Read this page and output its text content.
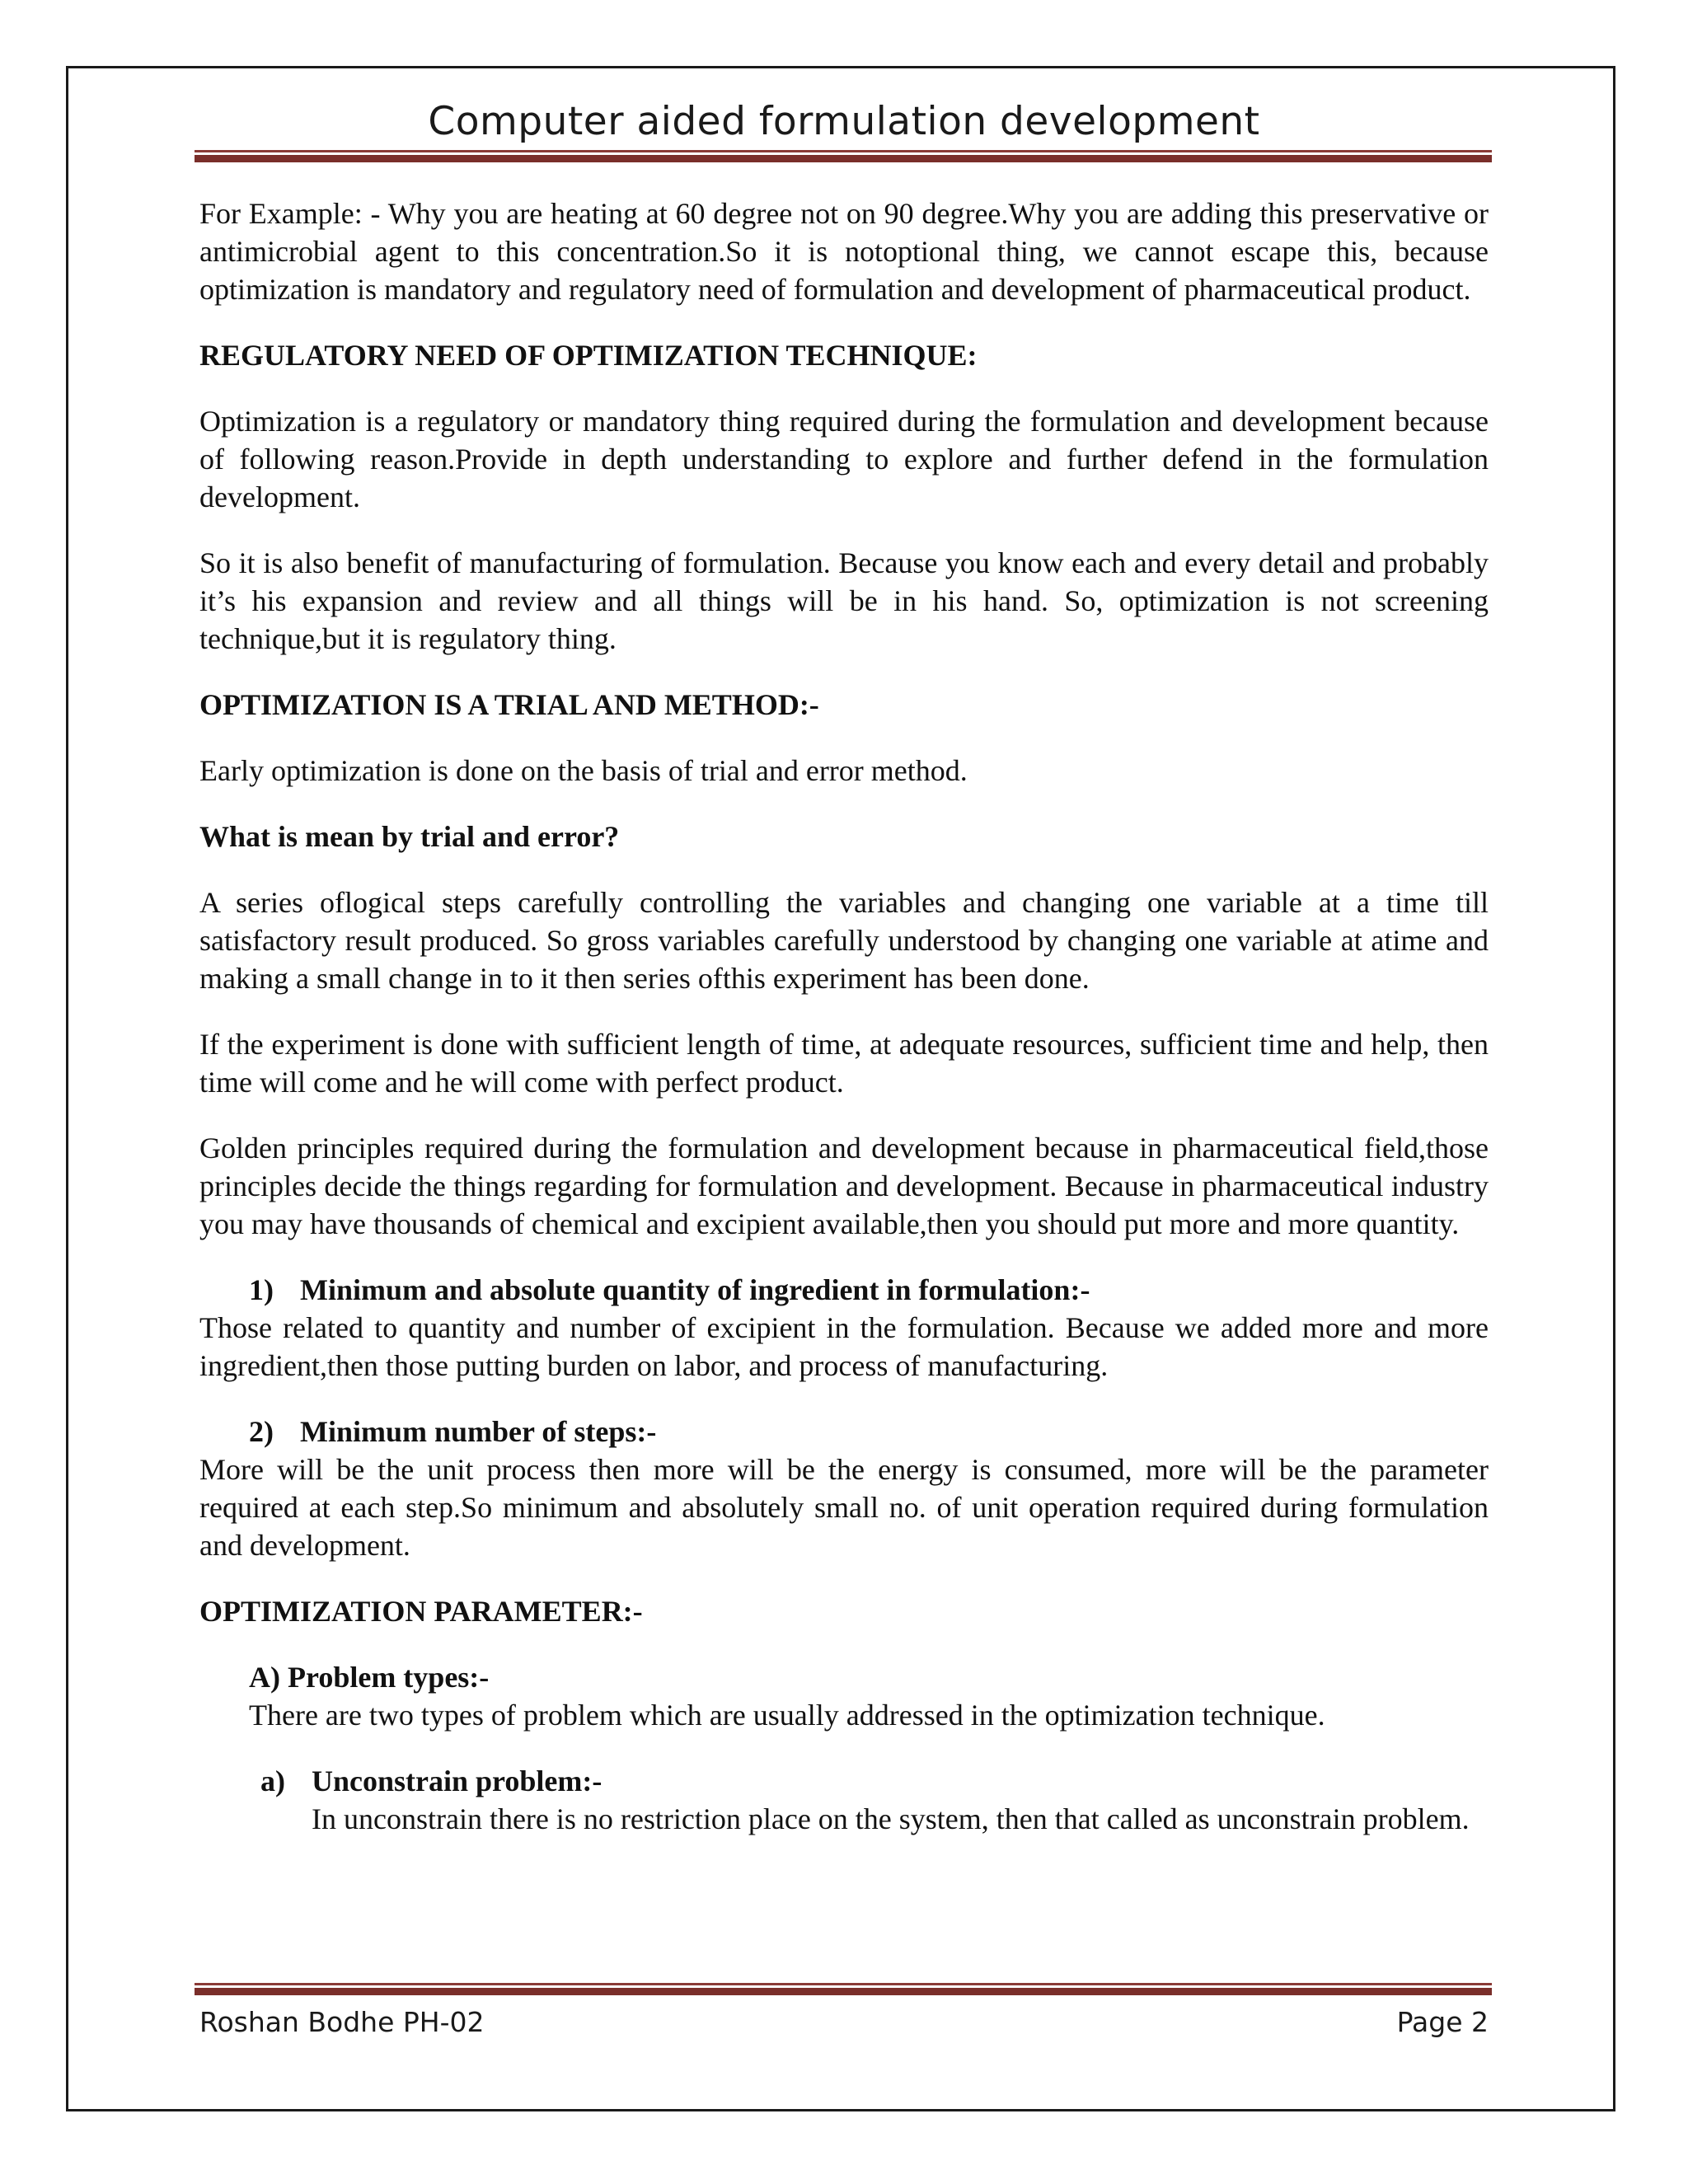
Computer aided formulation development

For Example: - Why you are heating at 60 degree not on 90 degree.Why you are adding this preservative or antimicrobial agent to this concentration.So it is notoptional thing, we cannot escape this, because optimization is mandatory and regulatory need of formulation and development of pharmaceutical product.

REGULATORY NEED OF OPTIMIZATION TECHNIQUE:

Optimization is a regulatory or mandatory thing required during the formulation and development because of following reason.Provide in depth understanding to explore and further defend in the formulation development.

So it is also benefit of manufacturing of formulation. Because you know each and every detail and probably it’s his expansion and review and all things will be in his hand. So, optimization is not screening technique,but it is regulatory thing.

OPTIMIZATION IS A TRIAL AND METHOD:-

Early optimization is done on the basis of trial and error method.

What is mean by trial and error?

A series oflogical steps carefully controlling the variables and changing one variable at a time till satisfactory result produced. So gross variables carefully understood by changing one variable at atime and making a small change in to it then series ofthis experiment has been done.

If the experiment is done with sufficient length of time, at adequate resources, sufficient time and help, then time will come and he will come with perfect product.

Golden principles required during the formulation and development because in pharmaceutical field,those principles decide the things regarding for formulation and development. Because in pharmaceutical industry you may have thousands of chemical and excipient available,then you should put more and more quantity.

1) Minimum and absolute quantity of ingredient in formulation:-

Those related to quantity and number of excipient in the formulation. Because we added more and more ingredient,then those putting burden on labor, and process of manufacturing.

2) Minimum number of steps:-

More will be the unit process then more will be the energy is consumed, more will be the parameter required at each step.So minimum and absolutely small no. of unit operation required during formulation and development.

OPTIMIZATION PARAMETER:-
A) Problem types:-

There are two types of problem which are usually addressed in the optimization technique.

a) Unconstrain problem:-

In unconstrain there is no restriction place on the system, then that called as unconstrain problem.

Roshan Bodhe PH-02	Page 2
